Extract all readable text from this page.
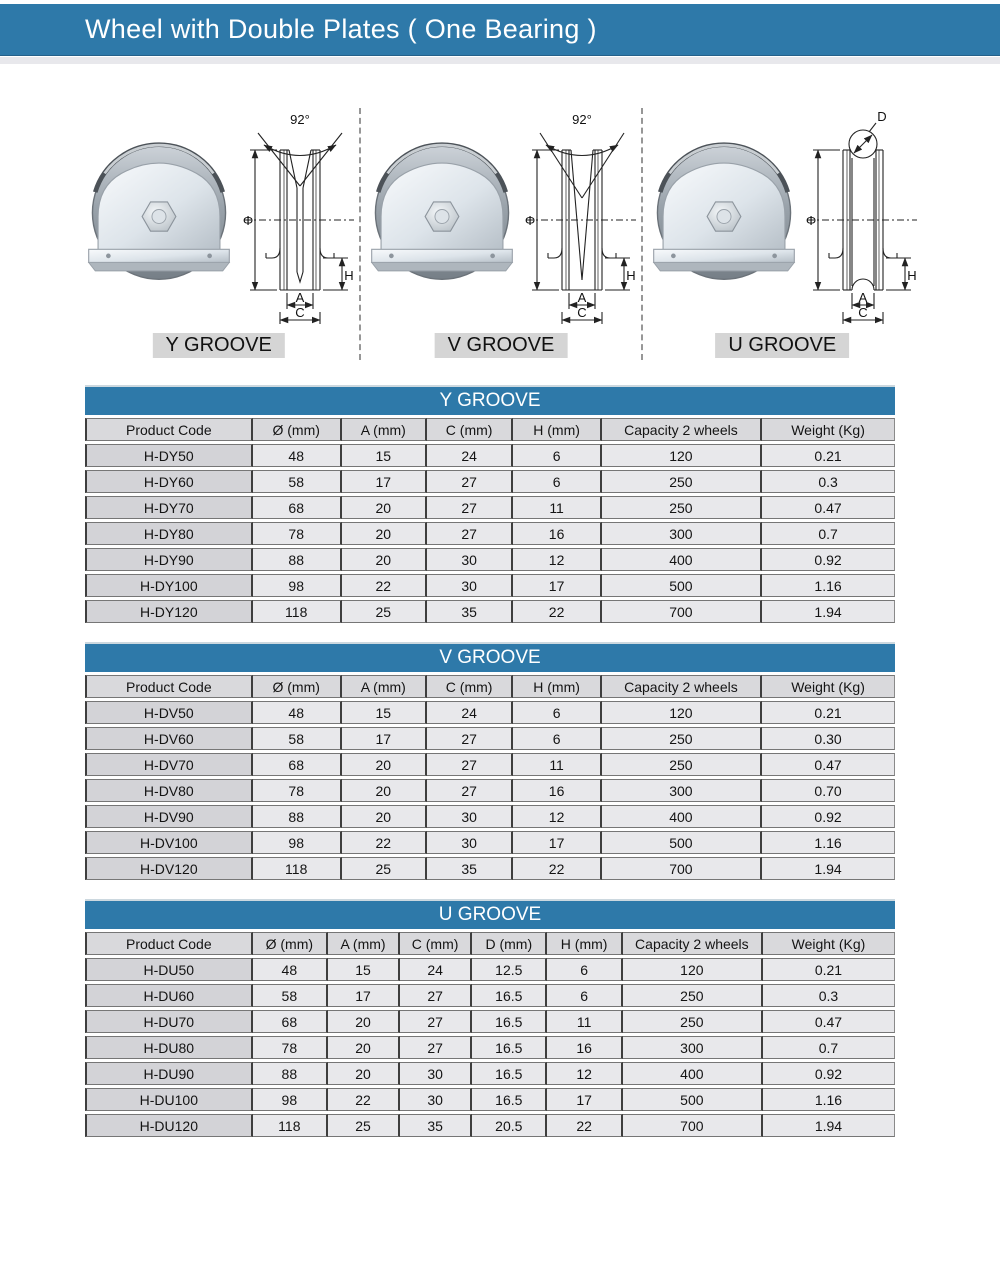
Wheel with Double Plates ( One Bearing )
92°
Φ
H
A
C
Y GROOVE
92°
Φ
H
A
C
V GROOVE
D
Φ
H
A
C
U GROOVE
Y GROOVE
Product Code	Ø (mm)	A (mm)	C (mm)	H (mm)	Capacity 2 wheels	Weight (Kg)
H-DY50	48	15	24	6	120	0.21
H-DY60	58	17	27	6	250	0.3
H-DY70	68	20	27	11	250	0.47
H-DY80	78	20	27	16	300	0.7
H-DY90	88	20	30	12	400	0.92
H-DY100	98	22	30	17	500	1.16
H-DY120	118	25	35	22	700	1.94
V GROOVE
Product Code	Ø (mm)	A (mm)	C (mm)	H (mm)	Capacity 2 wheels	Weight (Kg)
H-DV50	48	15	24	6	120	0.21
H-DV60	58	17	27	6	250	0.30
H-DV70	68	20	27	11	250	0.47
H-DV80	78	20	27	16	300	0.70
H-DV90	88	20	30	12	400	0.92
H-DV100	98	22	30	17	500	1.16
H-DV120	118	25	35	22	700	1.94
U GROOVE
Product Code	Ø (mm)	A (mm)	C (mm)	D (mm)	H (mm)	Capacity 2 wheels	Weight (Kg)
H-DU50	48	15	24	12.5	6	120	0.21
H-DU60	58	17	27	16.5	6	250	0.3
H-DU70	68	20	27	16.5	11	250	0.47
H-DU80	78	20	27	16.5	16	300	0.7
H-DU90	88	20	30	16.5	12	400	0.92
H-DU100	98	22	30	16.5	17	500	1.16
H-DU120	118	25	35	20.5	22	700	1.94
